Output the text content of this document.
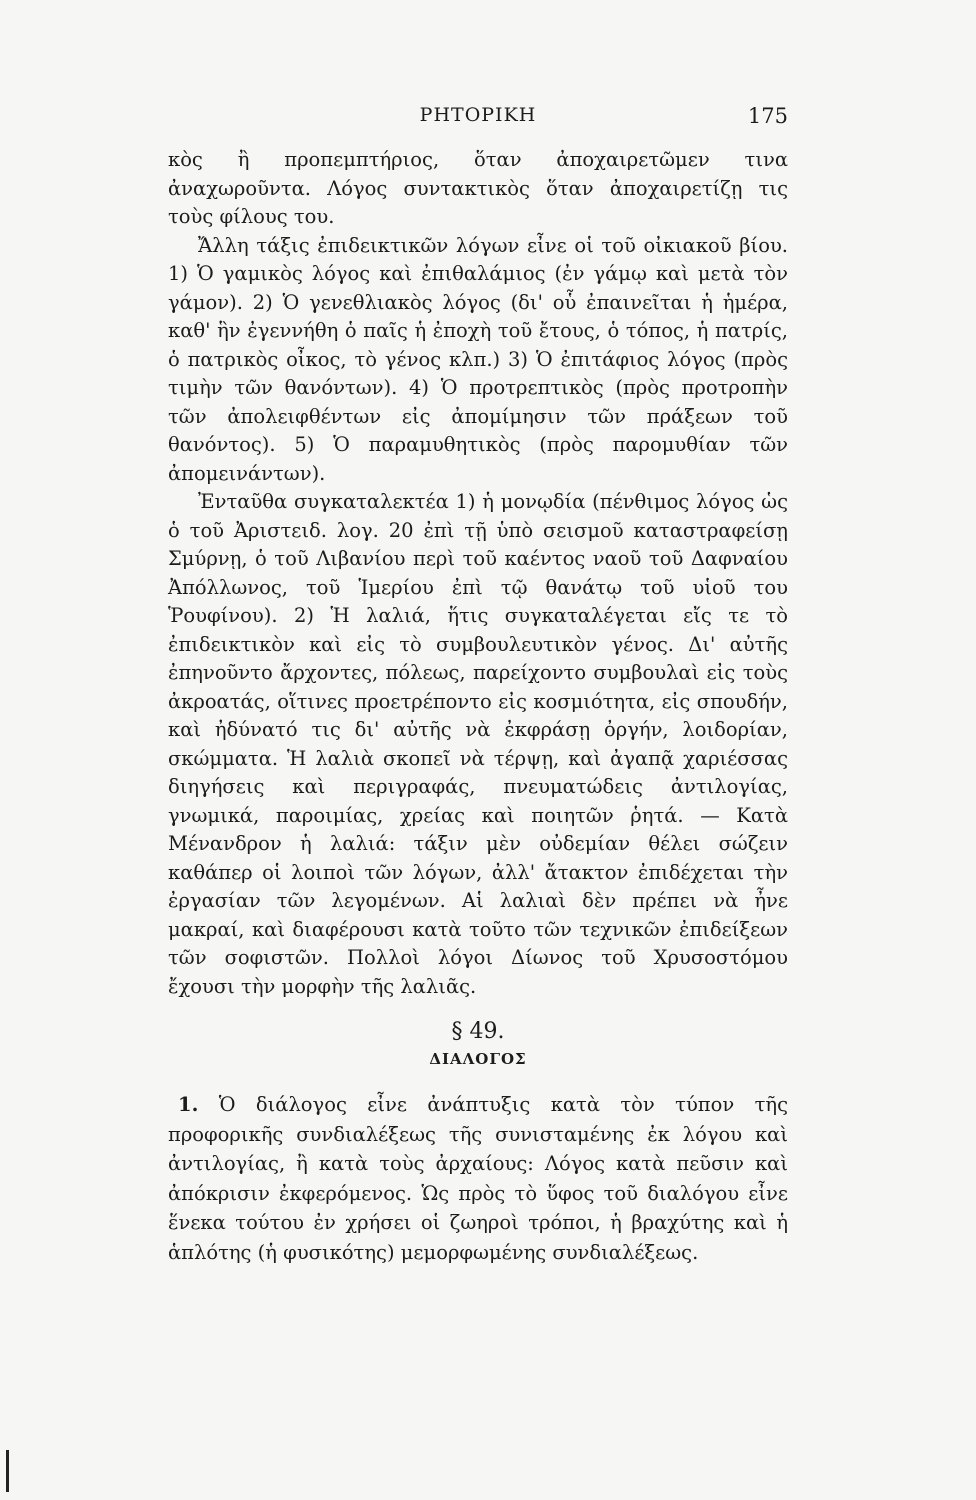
ΡΗΤΟΡΙΚΗ	175

κὸς ἢ προπεμπτήριος, ὅταν ἀποχαιρετῶμεν τινα ἀναχωροῦντα. Λόγος συντακτικὸς ὅταν ἀποχαιρετίζῃ τις τοὺς φίλους του.

Ἄλλη τάξις ἐπιδεικτικῶν λόγων εἶνε οἱ τοῦ οἰκιακοῦ βίου. 1) Ὁ γαμικὸς λόγος καὶ ἐπιθαλάμιος (ἐν γάμῳ καὶ μετὰ τὸν γάμον). 2) Ὁ γενεθλιακὸς λόγος (δι' οὗ ἐπαινεῖται ἡ ἡμέρα, καθ' ἣν ἐγεννήθη ὁ παῖς ἡ ἐποχὴ τοῦ ἔτους, ὁ τόπος, ἡ πατρίς, ὁ πατρικὸς οἶκος, τὸ γένος κλπ.) 3) Ὁ ἐπιτάφιος λόγος (πρὸς τιμὴν τῶν θανόντων). 4) Ὁ προτρεπτικὸς (πρὸς προτροπὴν τῶν ἀπολειφθέντων εἰς ἀπομίμησιν τῶν πράξεων τοῦ θανόντος). 5) Ὁ παραμυθητικὸς (πρὸς παρομυθίαν τῶν ἀπομεινάντων).

Ἐνταῦθα συγκαταλεκτέα 1) ἡ μονῳδία (πένθιμος λόγος ὡς ὁ τοῦ Ἀριστειδ. λογ. 20 ἐπὶ τῇ ὑπὸ σεισμοῦ καταστραφείσῃ Σμύρνῃ, ὁ τοῦ Λιβανίου περὶ τοῦ καέντος ναοῦ τοῦ Δαφναίου Ἀπόλλωνος, τοῦ Ἱμερίου ἐπὶ τῷ θανάτῳ τοῦ υἱοῦ του Ῥουφίνου). 2) Ἡ λαλιά, ἥτις συγκαταλέγεται εἴς τε τὸ ἐπιδεικτικὸν καὶ εἰς τὸ συμβουλευτικὸν γένος. Δι' αὐτῆς ἐπηνοῦντο ἄρχοντες, πόλεως, παρείχοντο συμβουλαὶ εἰς τοὺς ἀκροατάς, οἵτινες προετρέποντο εἰς κοσμιότητα, εἰς σπουδήν, καὶ ἠδύνατό τις δι' αὐτῆς νὰ ἐκφράσῃ ὀργήν, λοιδορίαν, σκώμματα. Ἡ λαλιὰ σκοπεῖ νὰ τέρψῃ, καὶ ἀγαπᾷ χαριέσσας διηγήσεις καὶ περιγραφάς, πνευματώδεις ἀντιλογίας, γνωμικά, παροιμίας, χρείας καὶ ποιητῶν ῥητά. — Κατὰ Μένανδρον ἡ λαλιά: τάξιν μὲν οὐδεμίαν θέλει σώζειν καθάπερ οἱ λοιποὶ τῶν λόγων, ἀλλ' ἄτακτον ἐπιδέχεται τὴν ἐργασίαν τῶν λεγομένων. Αἱ λαλιαὶ δὲν πρέπει νὰ ἦνε μακραί, καὶ διαφέρουσι κατὰ τοῦτο τῶν τεχνικῶν ἐπιδείξεων τῶν σοφιστῶν. Πολλοὶ λόγοι Δίωνος τοῦ Χρυσοστόμου ἔχουσι τὴν μορφὴν τῆς λαλιᾶς.

§ 49.
ΔΙΑΛΟΓΟΣ

1. Ὁ διάλογος εἶνε ἀνάπτυξις κατὰ τὸν τύπον τῆς προφορικῆς συνδιαλέξεως τῆς συνισταμένης ἐκ λόγου καὶ ἀντιλογίας, ἢ κατὰ τοὺς ἀρχαίους: Λόγος κατὰ πεῦσιν καὶ ἀπόκρισιν ἐκφερόμενος. Ὡς πρὸς τὸ ὕφος τοῦ διαλόγου εἶνε ἕνεκα τούτου ἐν χρήσει οἱ ζωηροὶ τρόποι, ἡ βραχύτης καὶ ἡ ἁπλότης (ἡ φυσικότης) μεμορφωμένης συνδιαλέξεως.
